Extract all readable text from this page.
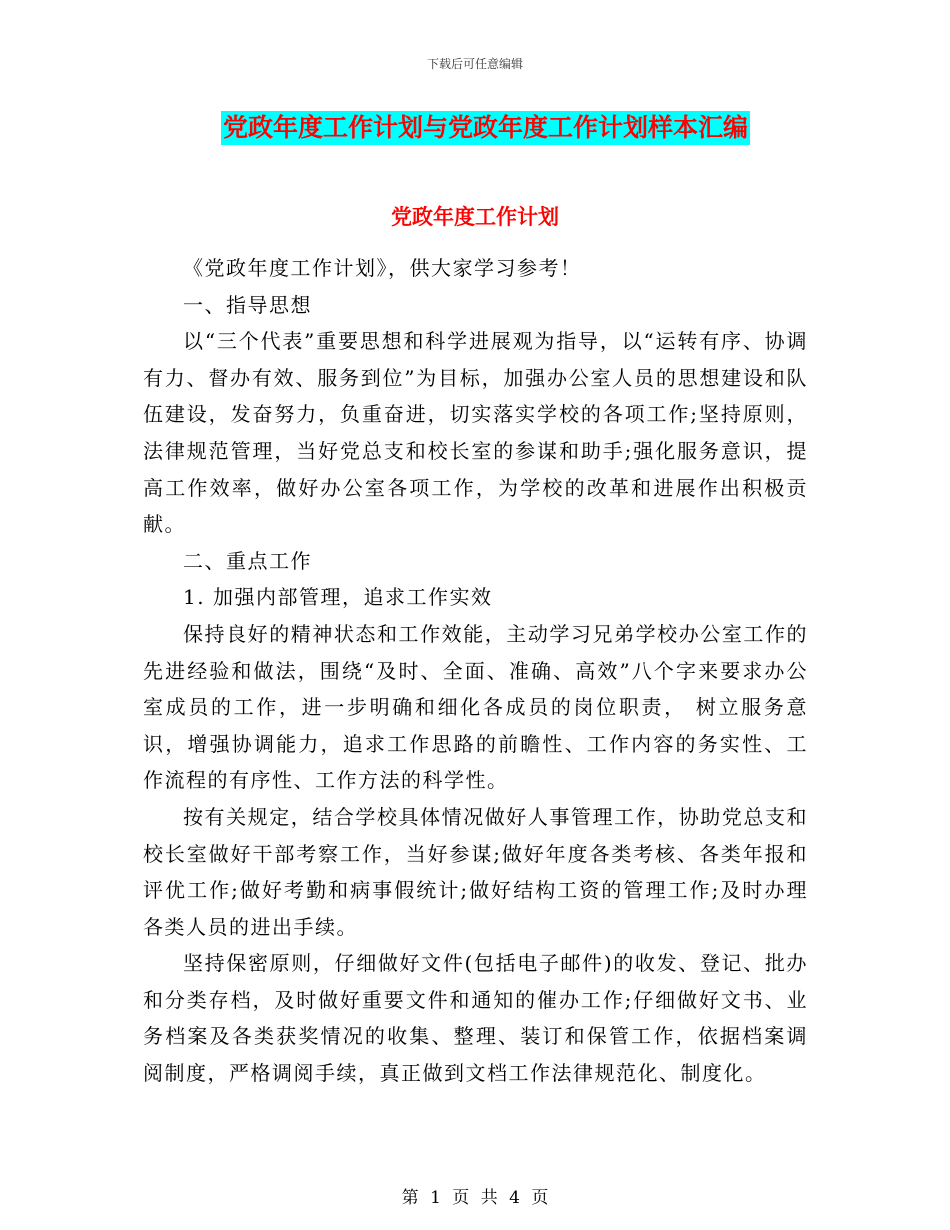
下载后可任意编辑
党政年度工作计划与党政年度工作计划样本汇编
党政年度工作计划

《党政年度工作计划》，供大家学习参考！

一、指导思想

以“三个代表”重要思想和科学进展观为指导，以“运转有序、协调有力、督办有效、服务到位”为目标，加强办公室人员的思想建设和队伍建设，发奋努力，负重奋进，切实落实学校的各项工作;坚持原则，法律规范管理，当好党总支和校长室的参谋和助手;强化服务意识，提高工作效率，做好办公室各项工作，为学校的改革和进展作出积极贡献。

二、重点工作

1. 加强内部管理，追求工作实效

保持良好的精神状态和工作效能，主动学习兄弟学校办公室工作的先进经验和做法，围绕“及时、全面、准确、高效”八个字来要求办公室成员的工作，进一步明确和细化各成员的岗位职责， 树立服务意识，增强协调能力，追求工作思路的前瞻性、工作内容的务实性、工作流程的有序性、工作方法的科学性。

按有关规定，结合学校具体情况做好人事管理工作，协助党总支和校长室做好干部考察工作，当好参谋;做好年度各类考核、各类年报和评优工作;做好考勤和病事假统计;做好结构工资的管理工作;及时办理各类人员的进出手续。

坚持保密原则，仔细做好文件(包括电子邮件)的收发、登记、批办和分类存档，及时做好重要文件和通知的催办工作;仔细做好文书、业务档案及各类获奖情况的收集、整理、装订和保管工作，依据档案调阅制度，严格调阅手续，真正做到文档工作法律规范化、制度化。

第 1 页 共 4 页
